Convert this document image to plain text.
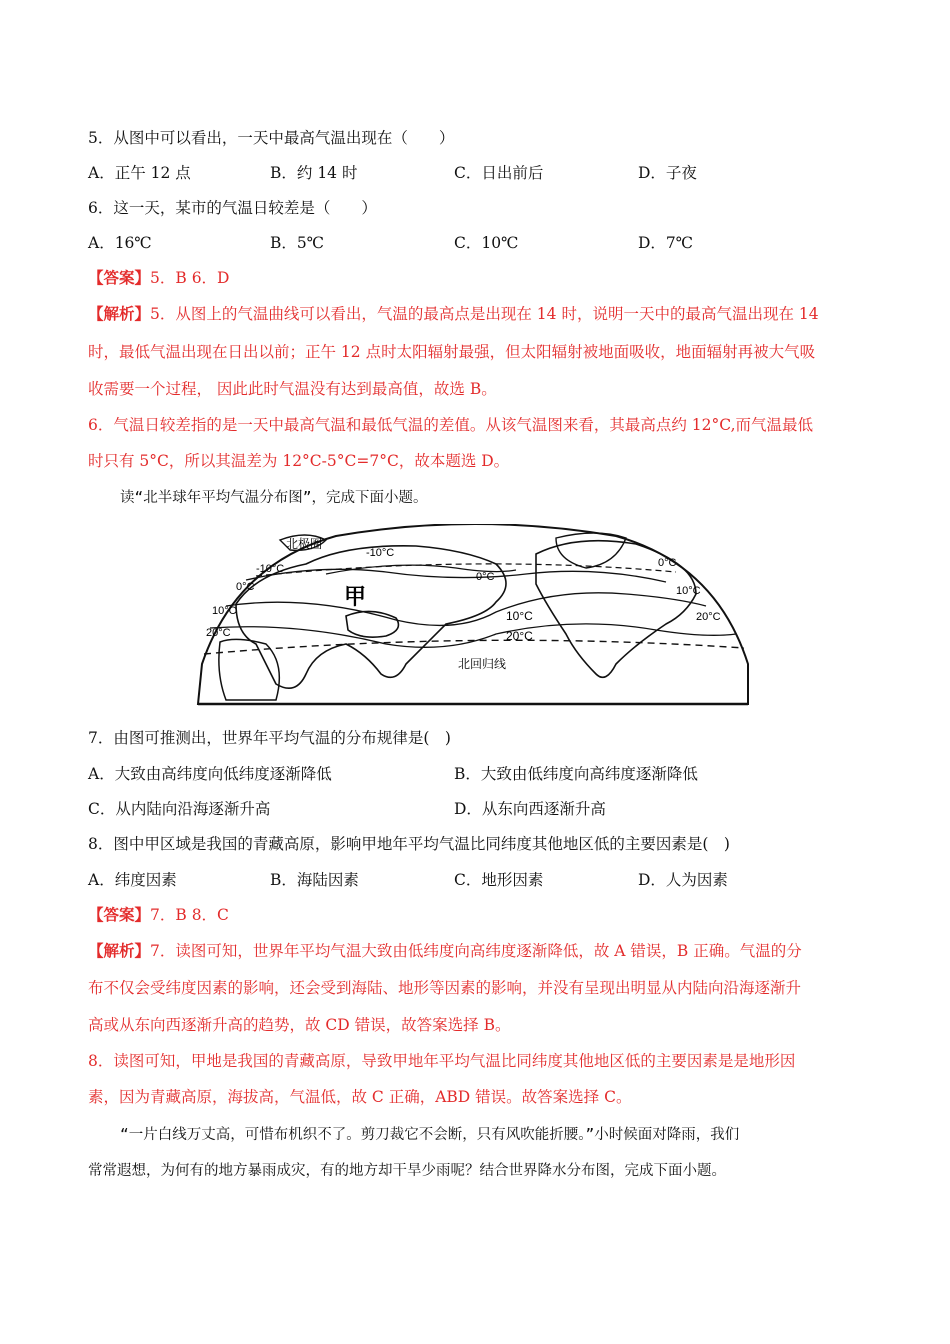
5．从图中可以看出，一天中最高气温出现在（　　）
A．正午 12 点	B．约 14 时	C．日出前后	D．子夜
6．这一天，某市的气温日较差是（　　）
A．16℃	B．5℃	C．10℃	D．7℃
【答案】5．B 6．D
【解析】5．从图上的气温曲线可以看出，气温的最高点是出现在 14 时，说明一天中的最高气温出现在 14
时，最低气温出现在日出以前；正午 12 点时太阳辐射最强，但太阳辐射被地面吸收，地面辐射再被大气吸
收需要一个过程， 因此此时气温没有达到最高值，故选 B。
6．气温日较差指的是一天中最高气温和最低气温的差值。从该气温图来看，其最高点约 12°C,而气温最低
时只有 5°C，所以其温差为 12°C-5°C=7°C，故本题选 D。
读“北半球年平均气温分布图”，完成下面小题。
北极圈
甲
北回归线
-10°C
0°C
10°C
20°C
10°C
20°C
0°C
-10°C
0°C
10°C
20°C
7．由图可推测出，世界年平均气温的分布规律是(　)
A．大致由高纬度向低纬度逐渐降低	B．大致由低纬度向高纬度逐渐降低
C．从内陆向沿海逐渐升高	D．从东向西逐渐升高
8．图中甲区域是我国的青藏高原，影响甲地年平均气温比同纬度其他地区低的主要因素是(　)
A．纬度因素	B．海陆因素	C．地形因素	D．人为因素
【答案】7．B 8．C
【解析】7．读图可知，世界年平均气温大致由低纬度向高纬度逐渐降低，故 A 错误，B 正确。气温的分
布不仅会受纬度因素的影响，还会受到海陆、地形等因素的影响，并没有呈现出明显从内陆向沿海逐渐升
高或从东向西逐渐升高的趋势，故 CD 错误，故答案选择 B。
8．读图可知，甲地是我国的青藏高原，导致甲地年平均气温比同纬度其他地区低的主要因素是是地形因
素，因为青藏高原，海拔高，气温低，故 C 正确，ABD 错误。故答案选择 C。
“一片白线万丈高，可惜布机织不了。剪刀裁它不会断，只有风吹能折腰。”小时候面对降雨，我们
常常遐想，为何有的地方暴雨成灾，有的地方却干旱少雨呢？结合世界降水分布图，完成下面小题。
